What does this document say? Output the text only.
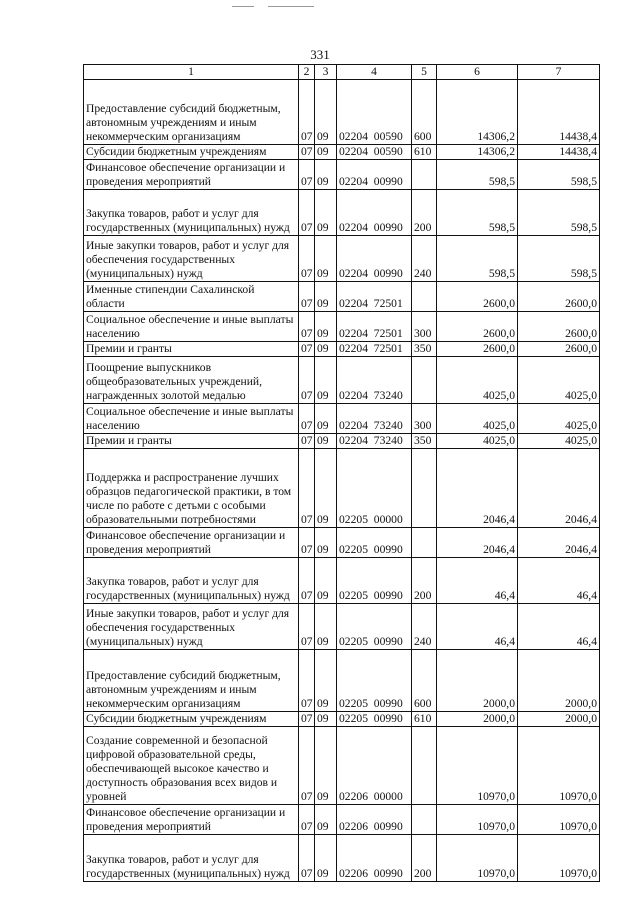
331
1	2	3	4	5	6	7
Предоставление субсидий бюджетным, автономным учреждениям и иным некоммерческим организациям	07	09	02204  00590	600	14306,2	14438,4
Субсидии бюджетным учреждениям	07	09	02204  00590	610	14306,2	14438,4
Финансовое обеспечение организации и проведения мероприятий	07	09	02204  00990		598,5	598,5
Закупка товаров, работ и услуг для государственных (муниципальных) нужд	07	09	02204  00990	200	598,5	598,5
Иные закупки товаров, работ и услуг для обеспечения государственных (муниципальных) нужд	07	09	02204  00990	240	598,5	598,5
Именные стипендии Сахалинской области	07	09	02204  72501		2600,0	2600,0
Социальное обеспечение и иные выплаты населению	07	09	02204  72501	300	2600,0	2600,0
Премии и гранты	07	09	02204  72501	350	2600,0	2600,0
Поощрение выпускников общеобразовательных учреждений, награжденных золотой медалью	07	09	02204  73240		4025,0	4025,0
Социальное обеспечение и иные выплаты населению	07	09	02204  73240	300	4025,0	4025,0
Премии и гранты	07	09	02204  73240	350	4025,0	4025,0
Поддержка и распространение лучших образцов педагогической практики, в том числе по работе с детьми с особыми образовательными потребностями	07	09	02205  00000		2046,4	2046,4
Финансовое обеспечение организации и проведения мероприятий	07	09	02205  00990		2046,4	2046,4
Закупка товаров, работ и услуг для государственных (муниципальных) нужд	07	09	02205  00990	200	46,4	46,4
Иные закупки товаров, работ и услуг для обеспечения государственных (муниципальных) нужд	07	09	02205  00990	240	46,4	46,4
Предоставление субсидий бюджетным, автономным учреждениям и иным некоммерческим организациям	07	09	02205  00990	600	2000,0	2000,0
Субсидии бюджетным учреждениям	07	09	02205  00990	610	2000,0	2000,0
Создание современной и безопасной цифровой образовательной среды, обеспечивающей высокое качество и доступность образования всех видов и уровней	07	09	02206  00000		10970,0	10970,0
Финансовое обеспечение организации и проведения мероприятий	07	09	02206  00990		10970,0	10970,0
Закупка товаров, работ и услуг для государственных (муниципальных) нужд	07	09	02206  00990	200	10970,0	10970,0
